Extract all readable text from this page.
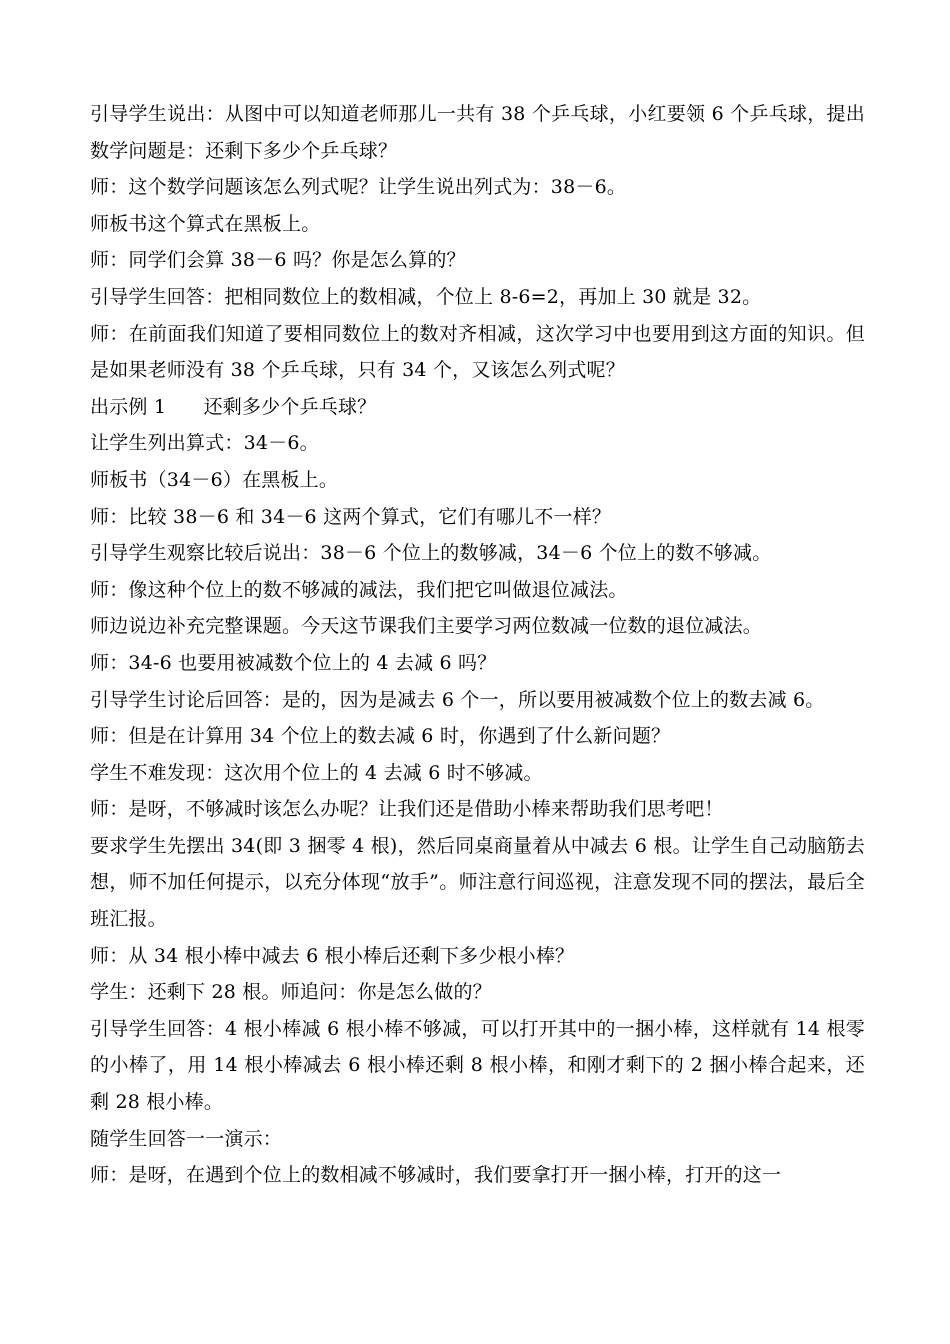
引导学生说出：从图中可以知道老师那儿一共有 38 个乒乓球，小红要领 6 个乒乓球，提出数学问题是：还剩下多少个乒乓球？

师：这个数学问题该怎么列式呢？让学生说出列式为：38－6。

师板书这个算式在黑板上。

师：同学们会算 38－6 吗？你是怎么算的？

引导学生回答：把相同数位上的数相减，个位上 8-6=2，再加上 30 就是 32。

师：在前面我们知道了要相同数位上的数对齐相减，这次学习中也要用到这方面的知识。但是如果老师没有 38 个乒乓球，只有 34 个，又该怎么列式呢？

出示例 1      还剩多少个乒乓球？

让学生列出算式：34－6。

师板书（34－6）在黑板上。

师：比较 38－6 和 34－6 这两个算式，它们有哪儿不一样？

引导学生观察比较后说出：38－6 个位上的数够减，34－6 个位上的数不够减。

师：像这种个位上的数不够减的减法，我们把它叫做退位减法。

师边说边补充完整课题。今天这节课我们主要学习两位数减一位数的退位减法。

师：34-6 也要用被减数个位上的 4 去减 6 吗？

引导学生讨论后回答：是的，因为是减去 6 个一，所以要用被减数个位上的数去减 6。

师：但是在计算用 34 个位上的数去减 6 时，你遇到了什么新问题？

学生不难发现：这次用个位上的 4 去减 6 时不够减。

师：是呀，不够减时该怎么办呢？让我们还是借助小棒来帮助我们思考吧！

要求学生先摆出 34(即 3 捆零 4 根)，然后同桌商量着从中减去 6 根。让学生自己动脑筋去想，师不加任何提示，以充分体现“放手”。师注意行间巡视，注意发现不同的摆法，最后全班汇报。

师：从 34 根小棒中减去 6 根小棒后还剩下多少根小棒？

学生：还剩下 28 根。师追问：你是怎么做的？

引导学生回答：4 根小棒减 6 根小棒不够减，可以打开其中的一捆小棒，这样就有 14 根零的小棒了，用 14 根小棒减去 6 根小棒还剩 8 根小棒，和刚才剩下的 2 捆小棒合起来，还剩 28 根小棒。

随学生回答一一演示：

师：是呀，在遇到个位上的数相减不够减时，我们要拿打开一捆小棒，打开的这一
